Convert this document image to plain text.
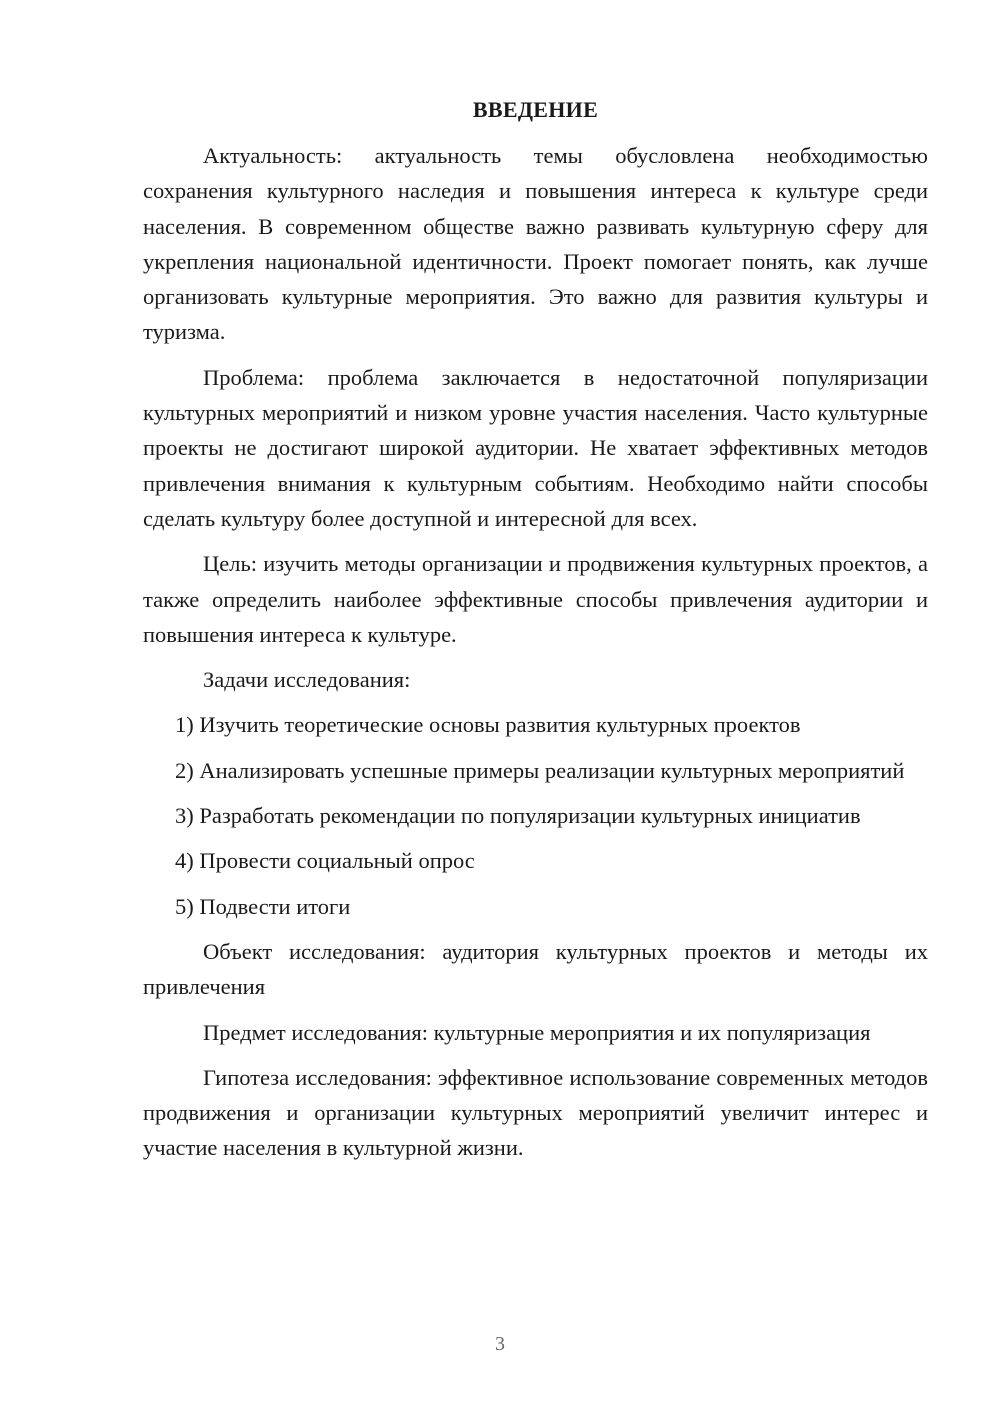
ВВЕДЕНИЕ

Актуальность: актуальность темы обусловлена необходимостью сохранения культурного наследия и повышения интереса к культуре среди населения. В современном обществе важно развивать культурную сферу для укрепления национальной идентичности. Проект помогает понять, как лучше организовать культурные мероприятия. Это важно для развития культуры и туризма.

Проблема: проблема заключается в недостаточной популяризации культурных мероприятий и низком уровне участия населения. Часто культурные проекты не достигают широкой аудитории. Не хватает эффективных методов привлечения внимания к культурным событиям. Необходимо найти способы сделать культуру более доступной и интересной для всех.

Цель: изучить методы организации и продвижения культурных проектов, а также определить наиболее эффективные способы привлечения аудитории и повышения интереса к культуре.

Задачи исследования:

1) Изучить теоретические основы развития культурных проектов

2) Анализировать успешные примеры реализации культурных мероприятий

3) Разработать рекомендации по популяризации культурных инициатив

4) Провести социальный опрос

5) Подвести итоги

Объект исследования: аудитория культурных проектов и методы их привлечения

Предмет исследования: культурные мероприятия и их популяризация

Гипотеза исследования: эффективное использование современных методов продвижения и организации культурных мероприятий увеличит интерес и участие населения в культурной жизни.

3
